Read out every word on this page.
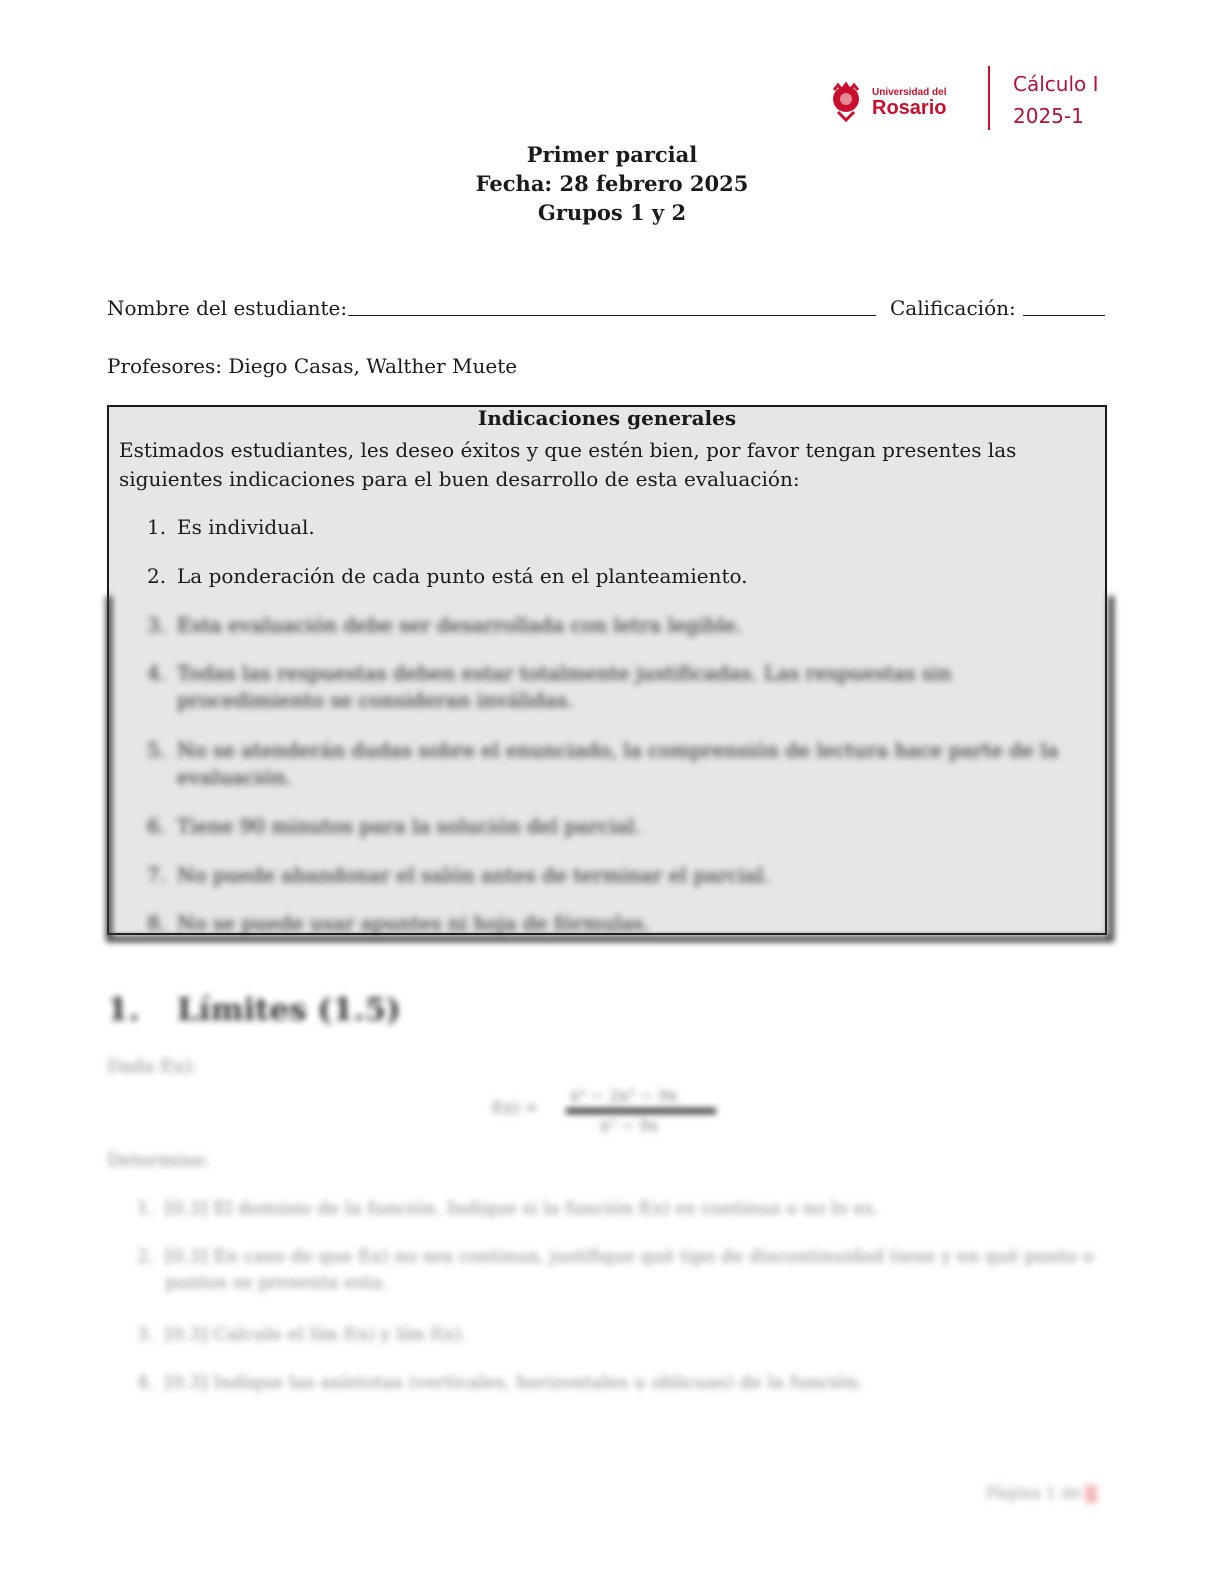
Universidad del
Rosario
Cálculo I
2025-1
Primer parcial
Fecha: 28 febrero 2025
Grupos 1 y 2
Nombre del estudiante:	Calificación:
Profesores: Diego Casas, Walther Muete
Indicaciones generales
Estimados estudiantes, les deseo éxitos y que estén bien, por favor tengan presentes las siguientes indicaciones para el buen desarrollo de esta evaluación:
1. Es individual.
2. La ponderación de cada punto está en el planteamiento.
3. Esta evaluación debe ser desarrollada con letra legible.
4. Todas las respuestas deben estar totalmente justificadas. Las respuestas sin procedimiento se consideran inválidas.
5. No se atenderán dudas sobre el enunciado, la comprensión de lectura hace parte de la evaluación.
6. Tiene 90 minutos para la solución del parcial.
7. No puede abandonar el salón antes de terminar el parcial.
8. No se puede usar apuntes ni hoja de fórmulas.
1. Límites (1.5)
Dada f(x):
f(x) =
x³ − 2x² − 9x
x² − 9x
Determine:
1. [0.3] El dominio de la función. Indique si la función f(x) es continua o no lo es.
2. [0.3] En caso de que f(x) no sea continua, justifique qué tipo de discontinuidad tiene y en qué punto o puntos se presenta esta.
3. [0.3] Calcule el lím f(x) y lím f(x).
4. [0.3] Indique las asíntotas (verticales, horizontales u oblicuas) de la función.
Página 1 de
